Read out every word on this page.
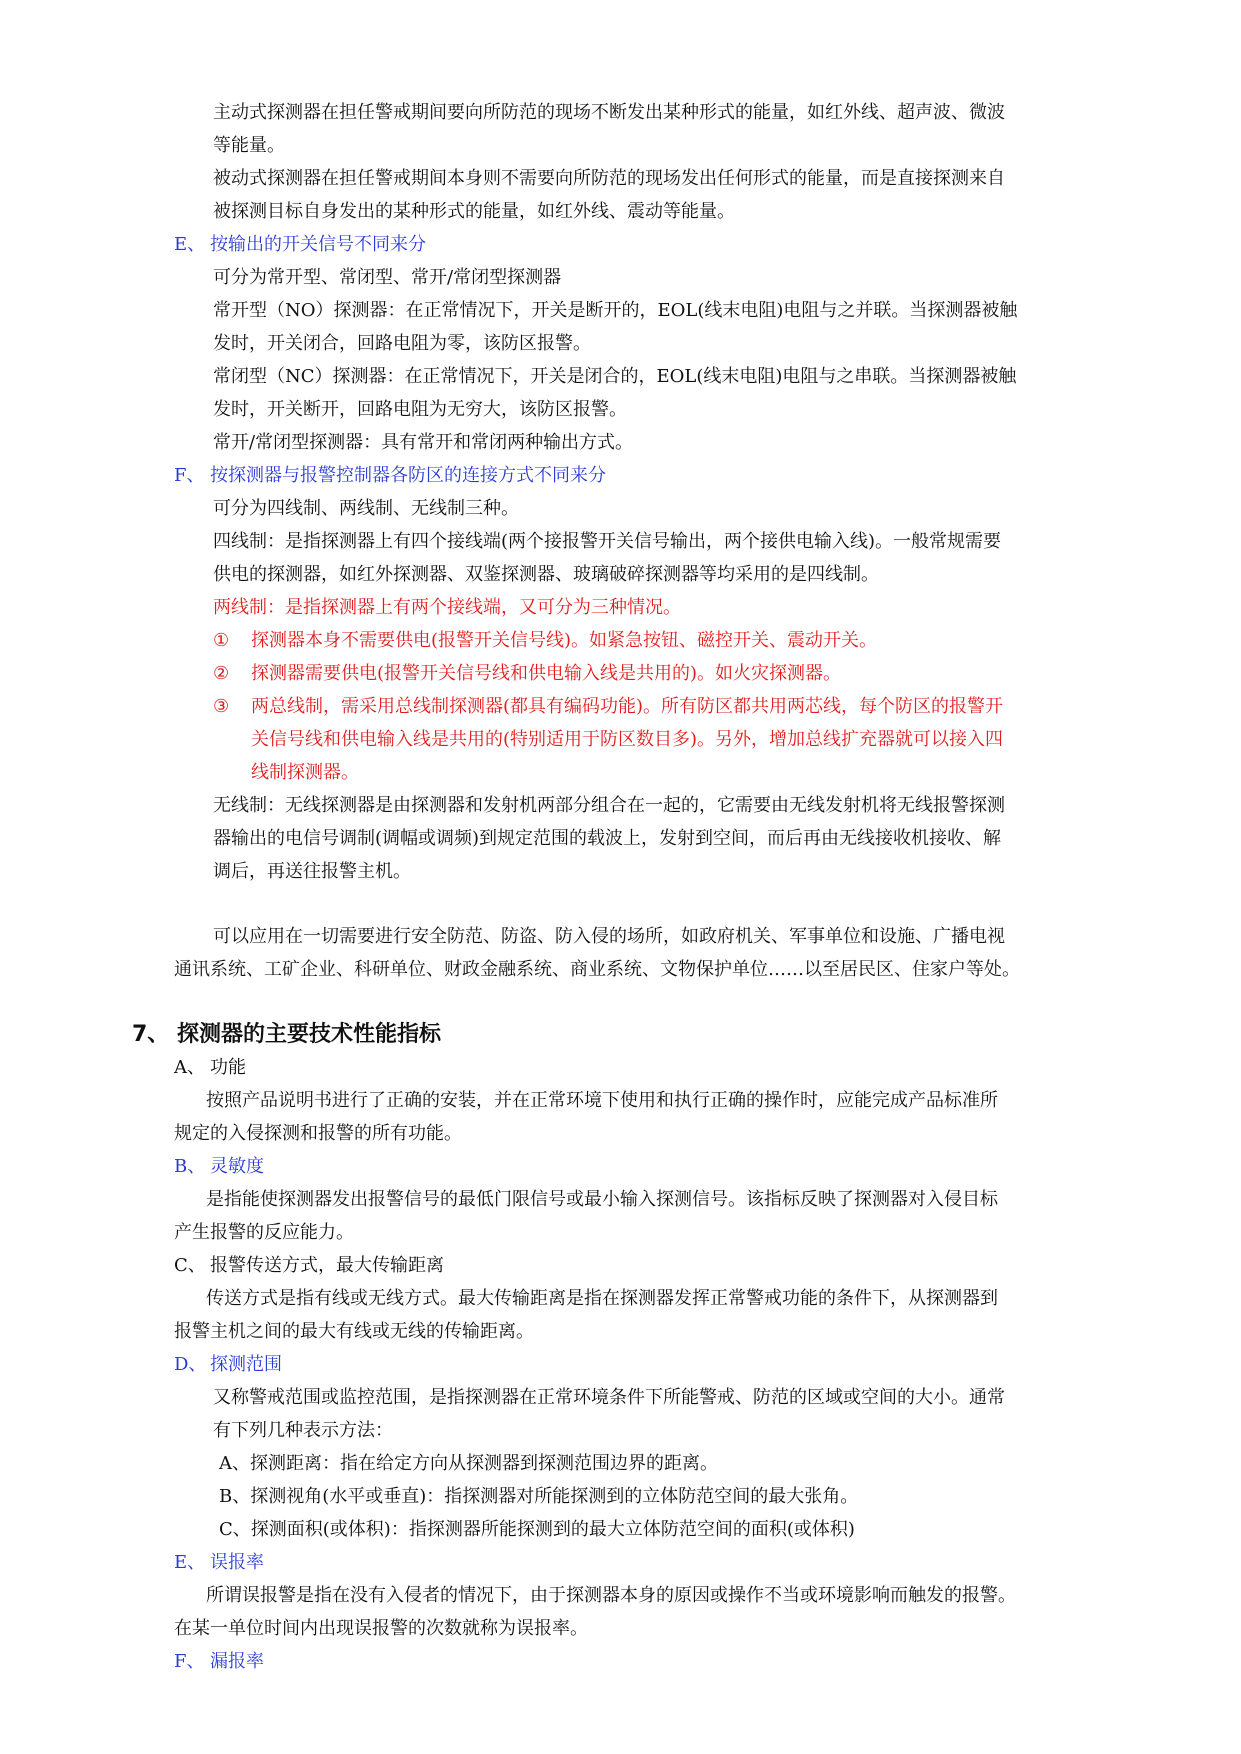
主动式探测器在担任警戒期间要向所防范的现场不断发出某种形式的能量，如红外线、超声波、微波
等能量。
被动式探测器在担任警戒期间本身则不需要向所防范的现场发出任何形式的能量，而是直接探测来自
被探测目标自身发出的某种形式的能量，如红外线、震动等能量。
E、 按输出的开关信号不同来分
可分为常开型、常闭型、常开/常闭型探测器
常开型（NO）探测器：在正常情况下，开关是断开的，EOL(线末电阻)电阻与之并联。当探测器被触
发时，开关闭合，回路电阻为零，该防区报警。
常闭型（NC）探测器：在正常情况下，开关是闭合的，EOL(线末电阻)电阻与之串联。当探测器被触
发时，开关断开，回路电阻为无穷大，该防区报警。
常开/常闭型探测器：具有常开和常闭两种输出方式。
F、 按探测器与报警控制器各防区的连接方式不同来分
可分为四线制、两线制、无线制三种。
四线制：是指探测器上有四个接线端(两个接报警开关信号输出，两个接供电输入线)。一般常规需要
供电的探测器，如红外探测器、双鉴探测器、玻璃破碎探测器等均采用的是四线制。
两线制：是指探测器上有两个接线端，又可分为三种情况。
① 探测器本身不需要供电(报警开关信号线)。如紧急按钮、磁控开关、震动开关。
② 探测器需要供电(报警开关信号线和供电输入线是共用的)。如火灾探测器。
③ 两总线制，需采用总线制探测器(都具有编码功能)。所有防区都共用两芯线，每个防区的报警开
关信号线和供电输入线是共用的(特别适用于防区数目多)。另外，增加总线扩充器就可以接入四
线制探测器。
无线制：无线探测器是由探测器和发射机两部分组合在一起的，它需要由无线发射机将无线报警探测
器输出的电信号调制(调幅或调频)到规定范围的载波上，发射到空间，而后再由无线接收机接收、解
调后，再送往报警主机。
可以应用在一切需要进行安全防范、防盗、防入侵的场所，如政府机关、军事单位和设施、广播电视
通讯系统、工矿企业、科研单位、财政金融系统、商业系统、文物保护单位……以至居民区、住家户等处。
7、 探测器的主要技术性能指标
A、 功能
按照产品说明书进行了正确的安装，并在正常环境下使用和执行正确的操作时，应能完成产品标准所
规定的入侵探测和报警的所有功能。
B、 灵敏度
是指能使探测器发出报警信号的最低门限信号或最小输入探测信号。该指标反映了探测器对入侵目标
产生报警的反应能力。
C、 报警传送方式，最大传输距离
传送方式是指有线或无线方式。最大传输距离是指在探测器发挥正常警戒功能的条件下，从探测器到
报警主机之间的最大有线或无线的传输距离。
D、 探测范围
又称警戒范围或监控范围，是指探测器在正常环境条件下所能警戒、防范的区域或空间的大小。通常
有下列几种表示方法：
A、探测距离：指在给定方向从探测器到探测范围边界的距离。
B、探测视角(水平或垂直)：指探测器对所能探测到的立体防范空间的最大张角。
C、探测面积(或体积)：指探测器所能探测到的最大立体防范空间的面积(或体积)
E、 误报率
所谓误报警是指在没有入侵者的情况下，由于探测器本身的原因或操作不当或环境影响而触发的报警。
在某一单位时间内出现误报警的次数就称为误报率。
F、 漏报率
